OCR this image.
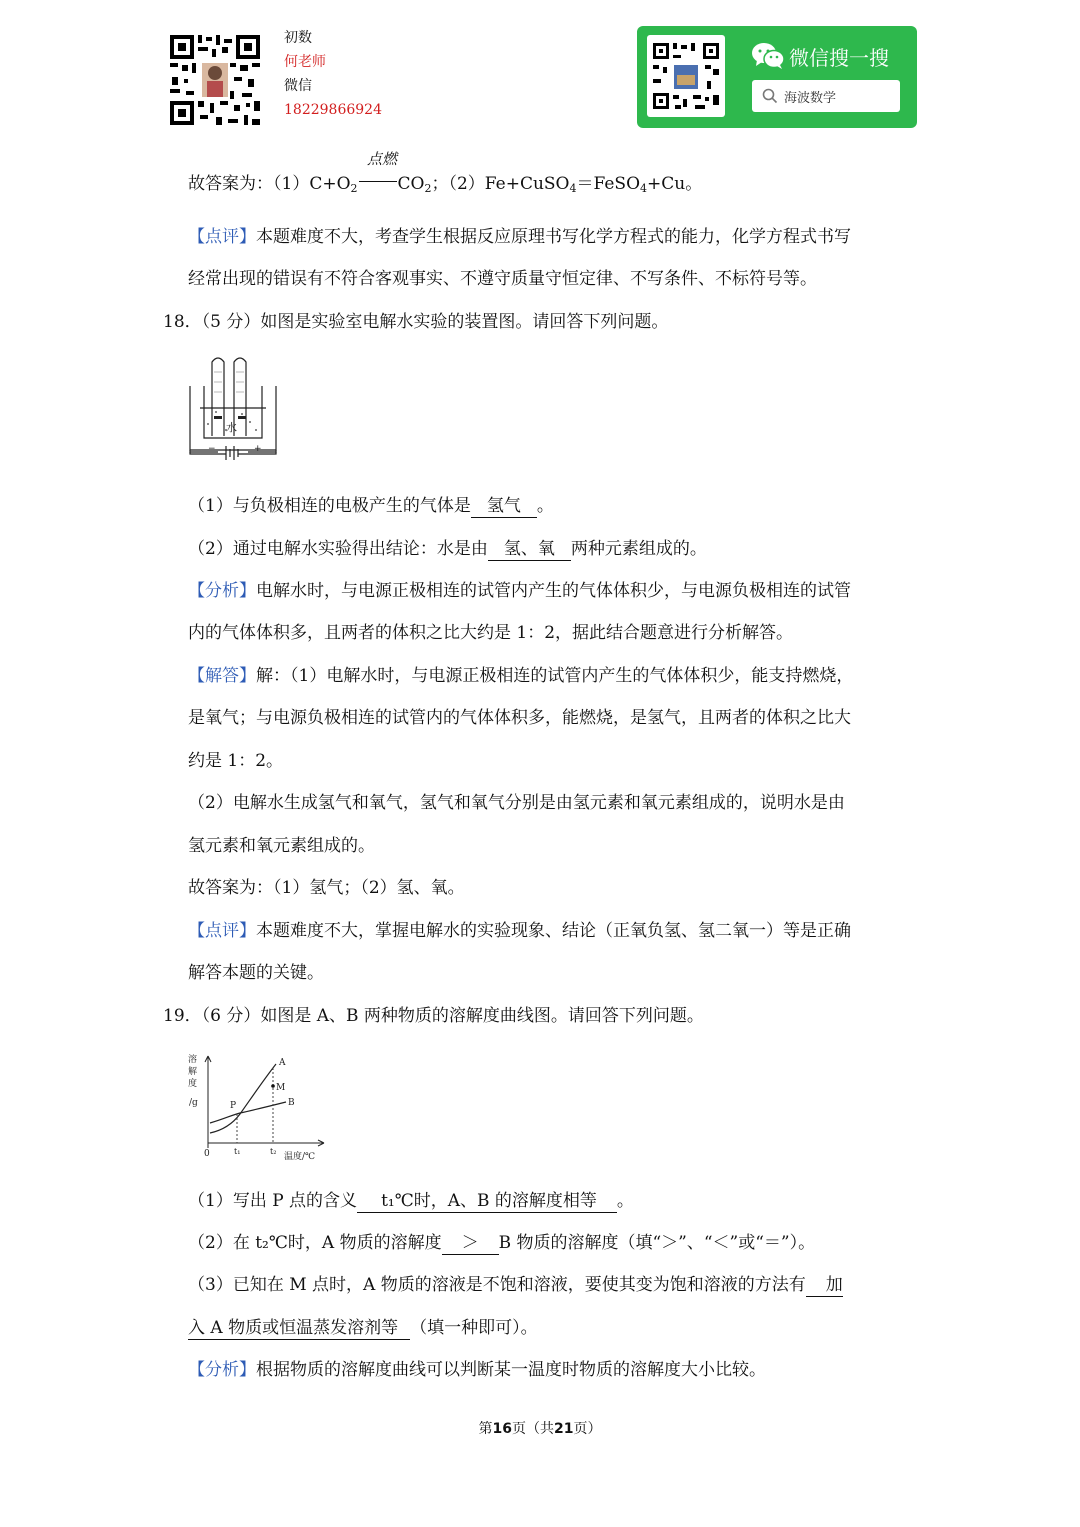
初数
何老师
微信
18229866924
微信搜一搜
海波数学
点燃
故答案为：$(1)C+O_2$ $CO_2$；（2）Fe+CuSO$_4$＝FeSO$_4$+Cu。
【点评】本题难度不大，考查学生根据反应原理书写化学方程式的能力，化学方程式书写
经常出现的错误有不符合客观事实、不遵守质量守恒定律、不写条件、不标符号等。
18．（5 分）如图是实验室电解水实验的装置图。请回答下列问题。
水
−	+
（1）与负极相连的电极产生的气体是 氢气 。
（2）通过电解水实验得出结论：水是由 氢、氧 两种元素组成的。
【分析】电解水时，与电源正极相连的试管内产生的气体体积少，与电源负极相连的试管
内的气体体积多，且两者的体积之比大约是 1：2，据此结合题意进行分析解答。
【解答】解：（1）电解水时，与电源正极相连的试管内产生的气体体积少，能支持燃烧，
是氧气；与电源负极相连的试管内的气体体积多，能燃烧，是氢气，且两者的体积之比大
约是 1：2。
（2）电解水生成氢气和氧气，氢气和氧气分别是由氢元素和氧元素组成的，说明水是由
氢元素和氧元素组成的。
故答案为：（1）氢气；（2）氢、氧。
【点评】本题难度不大，掌握电解水的实验现象、结论（正氧负氢、氢二氧一）等是正确
解答本题的关键。
19．（6 分）如图是 A、B 两种物质的溶解度曲线图。请回答下列问题。
溶
解
度
/g
A
B
P
M
0	t₁	t₂
温度/℃
（1）写出 P 点的含义 t₁℃时，A、B 的溶解度相等 。
（2）在 t₂℃时，A 物质的溶解度 ＞ B 物质的溶解度（填“＞”、“＜”或“＝”）。
（3）已知在 M 点时，A 物质的溶液是不饱和溶液，要使其变为饱和溶液的方法有 加
入 A 物质或恒温蒸发溶剂等 （填一种即可）。
【分析】根据物质的溶解度曲线可以判断某一温度时物质的溶解度大小比较。
第16页（共21页）
